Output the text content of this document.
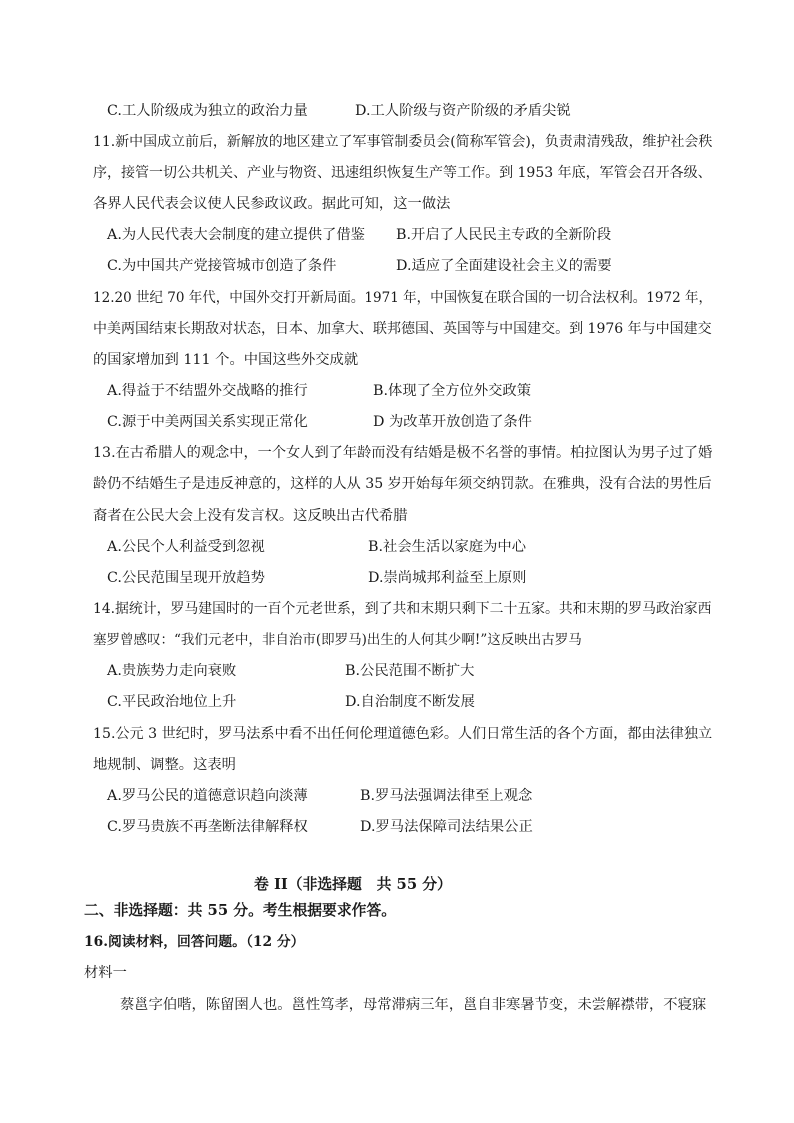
C.工人阶级成为独立的政治力量	D.工人阶级与资产阶级的矛盾尖锐
11.新中国成立前后，新解放的地区建立了军事管制委员会(简称军管会)，负责肃清残敌，维护社会秩
序，接管一切公共机关、产业与物资、迅速组织恢复生产等工作。到 1953 年底，军管会召开各级、
各界人民代表会议使人民参政议政。据此可知，这一做法
A.为人民代表大会制度的建立提供了借鉴 B.开启了人民民主专政的全新阶段
C.为中国共产党接管城市创造了条件	D.适应了全面建设社会主义的需要
12.20 世纪 70 年代，中国外交打开新局面。1971 年，中国恢复在联合国的一切合法权利。1972 年，
中美两国结束长期敌对状态，日本、加拿大、联邦德国、英国等与中国建交。到 1976 年与中国建交
的国家增加到 111 个。中国这些外交成就
A.得益于不结盟外交战略的推行	B.体现了全方位外交政策
C.源于中美两国关系实现正常化	D 为改革开放创造了条件
13.在古希腊人的观念中，一个女人到了年龄而没有结婚是极不名誉的事情。柏拉图认为男子过了婚
龄仍不结婚生子是违反神意的，这样的人从 35 岁开始每年须交纳罚款。在雅典，没有合法的男性后
裔者在公民大会上没有发言权。这反映出古代希腊
A.公民个人利益受到忽视	B.社会生活以家庭为中心
C.公民范围呈现开放趋势	D.崇尚城邦利益至上原则
14.据统计，罗马建国时的一百个元老世系，到了共和末期只剩下二十五家。共和末期的罗马政治家西
塞罗曾感叹：“我们元老中，非自治市(即罗马)出生的人何其少啊!”这反映出古罗马
A.贵族势力走向衰败	B.公民范围不断扩大
C.平民政治地位上升	D.自治制度不断发展
15.公元 3 世纪时，罗马法系中看不出任何伦理道德色彩。人们日常生活的各个方面，都由法律独立
地规制、调整。这表明
A.罗马公民的道德意识趋向淡薄	B.罗马法强调法律至上观念
C.罗马贵族不再垄断法律解释权	D.罗马法保障司法结果公正
卷 II（非选择题　共 55 分）
二、非选择题：共 55 分。考生根据要求作答。
16.阅读材料，回答问题。（12 分）
材料一
蔡邕字伯喈，陈留圉人也。邕性笃孝，母常滞病三年，邕自非寒暑节变，未尝解襟带，不寝寐
